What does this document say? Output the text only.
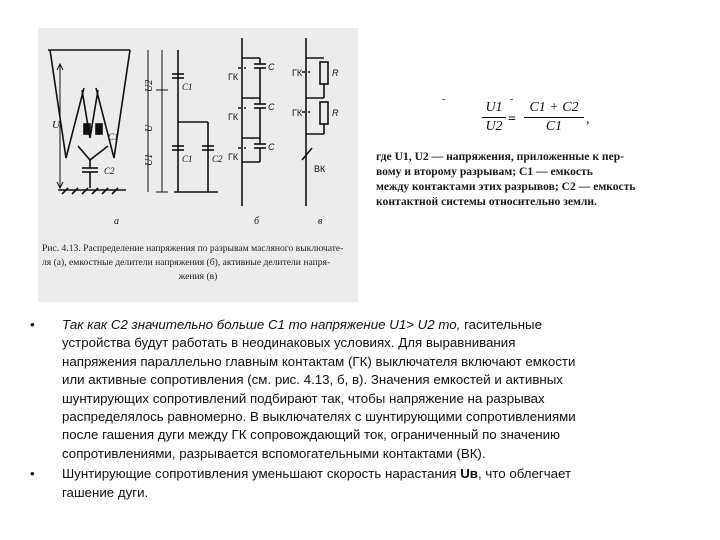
U
C1
C2
U2
U
U1
C1
C1 C2
ГК
ГК
ГК
C
C
C
ГК
ГК
ВК
R
R
а	б	в
Рис. 4.13. Распределение напряжения по разрывам масляного выключате-
ля (а), емкостные делители напряжения (б), активные делители напря-
жения (в)
-	-
U1
U2 =
C1 + C2
C1	,
где U1, U2 — напряжения, приложенные к пер-
вому и второму разрывам; C1 — емкость
между контактами этих разрывов; C2 — емкость
контактной системы относительно земли.
• Так как C2 значительно больше C1 то напряжение U1> U2 то, гасительные
устройства будут работать в неодинаковых условиях. Для выравнивания
напряжения параллельно главным контактам (ГК) выключателя включают емкости
или активные сопротивления (см. рис. 4.13, б, в). Значения емкостей и активных
шунтирующих сопротивлений подбирают так, чтобы напряжение на разрывах
распределялось равномерно. В выключателях с шунтирующими сопротивлениями
после гашения дуги между ГК сопровождающий ток, ограниченный по значению
сопротивлениями, разрывается вспомогательными контактами (ВК).
• Шунтирующие сопротивления уменьшают скорость нарастания Uв, что облегчает
гашение дуги.
